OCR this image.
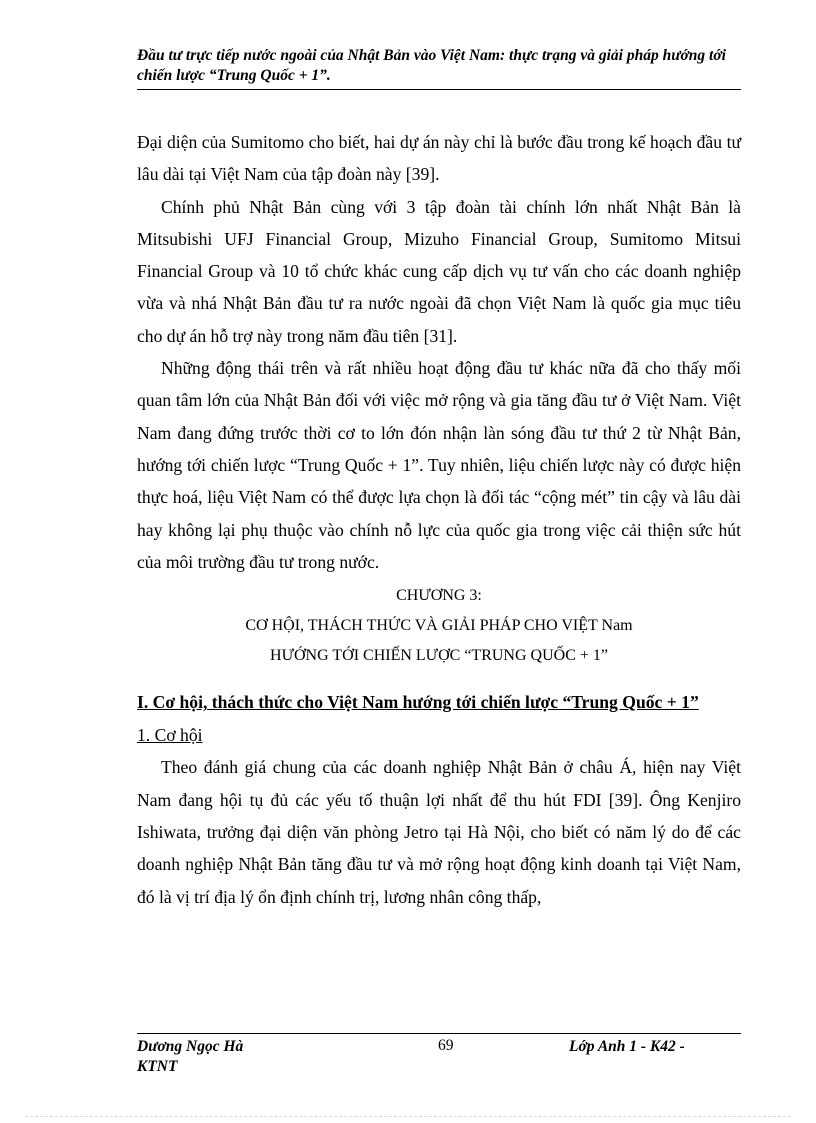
Đầu tư trực tiếp nước ngoài của Nhật Bản vào Việt Nam: thực trạng và giải pháp hướng tới chiến lược “Trung Quốc + 1”.

Đại diện của Sumitomo cho biết, hai dự án này chỉ là bước đầu trong kế hoạch đầu tư lâu dài tại Việt Nam của tập đoàn này [39].

Chính phủ Nhật Bản cùng với 3 tập đoàn tài chính lớn nhất Nhật Bản là Mitsubishi UFJ Financial Group, Mizuho Financial Group, Sumitomo Mitsui Financial Group và 10 tổ chức khác cung cấp dịch vụ tư vấn cho các doanh nghiệp vừa và nhá Nhật Bản đầu tư ra nước ngoài đã chọn Việt Nam là quốc gia mục tiêu cho dự án hỗ trợ này trong năm đầu tiên [31].

Những động thái trên và rất nhiều hoạt động đầu tư khác nữa đã cho thấy mối quan tâm lớn của Nhật Bản đối với việc mở rộng và gia tăng đầu tư ở Việt Nam. Việt Nam đang đứng trước thời cơ to lớn đón nhận làn sóng đầu tư thứ 2 từ Nhật Bản, hướng tới chiến lược “Trung Quốc + 1”. Tuy nhiên, liệu chiến lược này có được hiện thực hoá, liệu Việt Nam có thể được lựa chọn là đối tác “cộng mét” tin cậy và lâu dài hay không lại phụ thuộc vào chính nỗ lực của quốc gia trong việc cải thiện sức hút của môi trường đầu tư trong nước.

CHƯƠNG 3:

CƠ HỘI, THÁCH THỨC VÀ GIẢI PHÁP CHO VIỆT Nam

HƯỚNG TỚI CHIẾN LƯỢC “TRUNG QUỐC + 1”

I. Cơ hội, thách thức cho Việt Nam hướng tới chiến lược “Trung Quốc + 1”

1. Cơ hội

Theo đánh giá chung của các doanh nghiệp Nhật Bản ở châu Á, hiện nay Việt Nam đang hội tụ đủ các yếu tố thuận lợi nhất để thu hút FDI [39]. Ông Kenjiro Ishiwata, trưởng đại diện văn phòng Jetro tại Hà Nội, cho biết có năm lý do để các doanh nghiệp Nhật Bản tăng đầu tư và mở rộng hoạt động kinh doanh tại Việt Nam, đó là vị trí địa lý ổn định chính trị, lương nhân công thấp,

Dương Ngọc Hà KTNT
69	Lớp Anh 1 - K42 -
